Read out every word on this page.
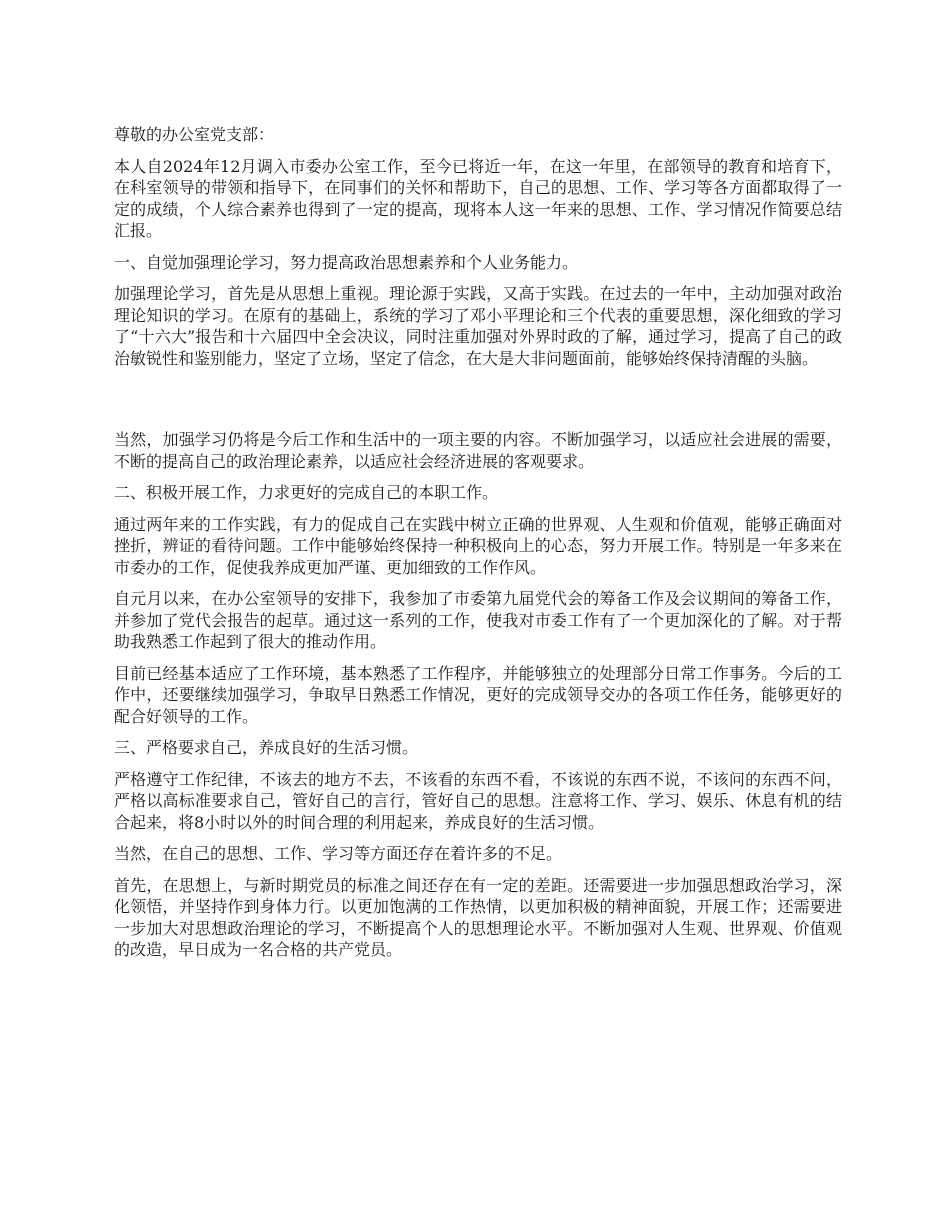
尊敬的办公室党支部：

本人自2024年12月调入市委办公室工作，至今已将近一年，在这一年里，在部领导的教育和培育下，在科室领导的带领和指导下，在同事们的关怀和帮助下，自己的思想、工作、学习等各方面都取得了一定的成绩，个人综合素养也得到了一定的提高，现将本人这一年来的思想、工作、学习情况作简要总结汇报。

一、自觉加强理论学习，努力提高政治思想素养和个人业务能力。

加强理论学习，首先是从思想上重视。理论源于实践，又高于实践。在过去的一年中，主动加强对政治理论知识的学习。在原有的基础上，系统的学习了邓小平理论和三个代表的重要思想，深化细致的学习了“十六大”报告和十六届四中全会决议，同时注重加强对外界时政的了解，通过学习，提高了自己的政治敏锐性和鉴别能力，坚定了立场，坚定了信念，在大是大非问题面前，能够始终保持清醒的头脑。

当然，加强学习仍将是今后工作和生活中的一项主要的内容。不断加强学习，以适应社会进展的需要，不断的提高自己的政治理论素养，以适应社会经济进展的客观要求。

二、积极开展工作，力求更好的完成自己的本职工作。

通过两年来的工作实践，有力的促成自己在实践中树立正确的世界观、人生观和价值观，能够正确面对挫折，辨证的看待问题。工作中能够始终保持一种积极向上的心态，努力开展工作。特别是一年多来在市委办的工作，促使我养成更加严谨、更加细致的工作作风。

自元月以来，在办公室领导的安排下，我参加了市委第九届党代会的筹备工作及会议期间的筹备工作，并参加了党代会报告的起草。通过这一系列的工作，使我对市委工作有了一个更加深化的了解。对于帮助我熟悉工作起到了很大的推动作用。

目前已经基本适应了工作环境，基本熟悉了工作程序，并能够独立的处理部分日常工作事务。今后的工作中，还要继续加强学习，争取早日熟悉工作情况，更好的完成领导交办的各项工作任务，能够更好的配合好领导的工作。

三、严格要求自己，养成良好的生活习惯。

严格遵守工作纪律，不该去的地方不去，不该看的东西不看，不该说的东西不说，不该问的东西不问，严格以高标准要求自己，管好自己的言行，管好自己的思想。注意将工作、学习、娱乐、休息有机的结合起来，将8小时以外的时间合理的利用起来，养成良好的生活习惯。

当然，在自己的思想、工作、学习等方面还存在着许多的不足。

首先，在思想上，与新时期党员的标准之间还存在有一定的差距。还需要进一步加强思想政治学习，深化领悟，并坚持作到身体力行。以更加饱满的工作热情，以更加积极的精神面貌，开展工作；还需要进一步加大对思想政治理论的学习，不断提高个人的思想理论水平。不断加强对人生观、世界观、价值观的改造，早日成为一名合格的共产党员。
